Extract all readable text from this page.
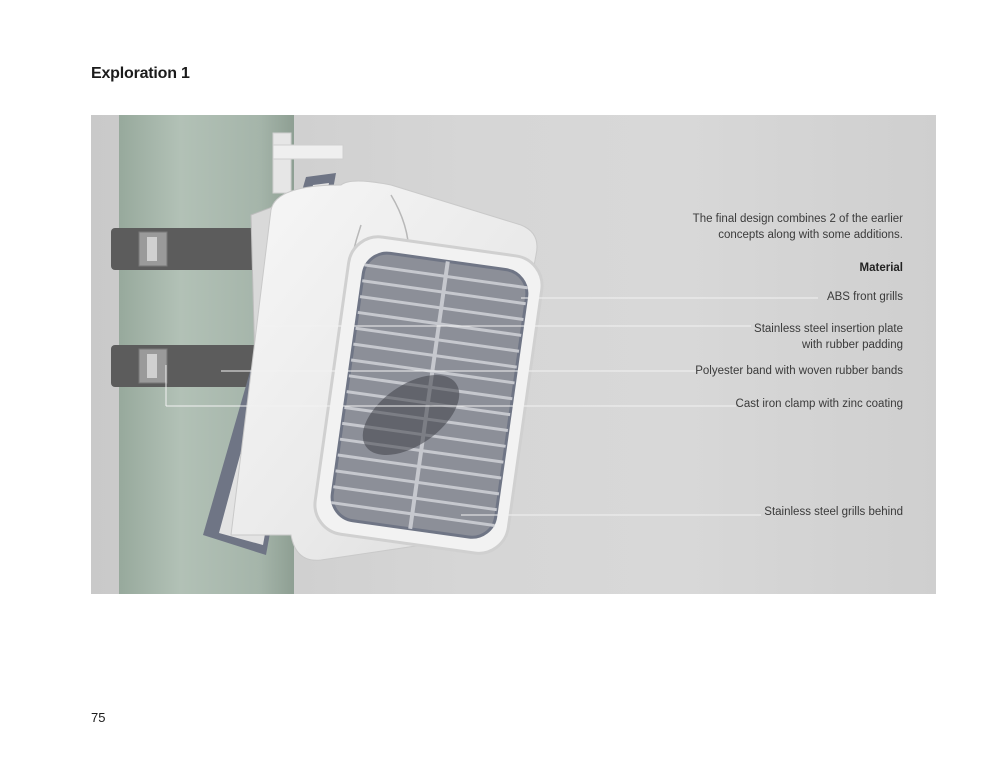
Exploration 1
The final design combines 2 of the earlier
concepts along with some additions.
Material
ABS front grills
Stainless steel insertion plate
with rubber padding
Polyester band with woven rubber bands
Cast iron clamp with zinc coating
Stainless steel grills behind
75
